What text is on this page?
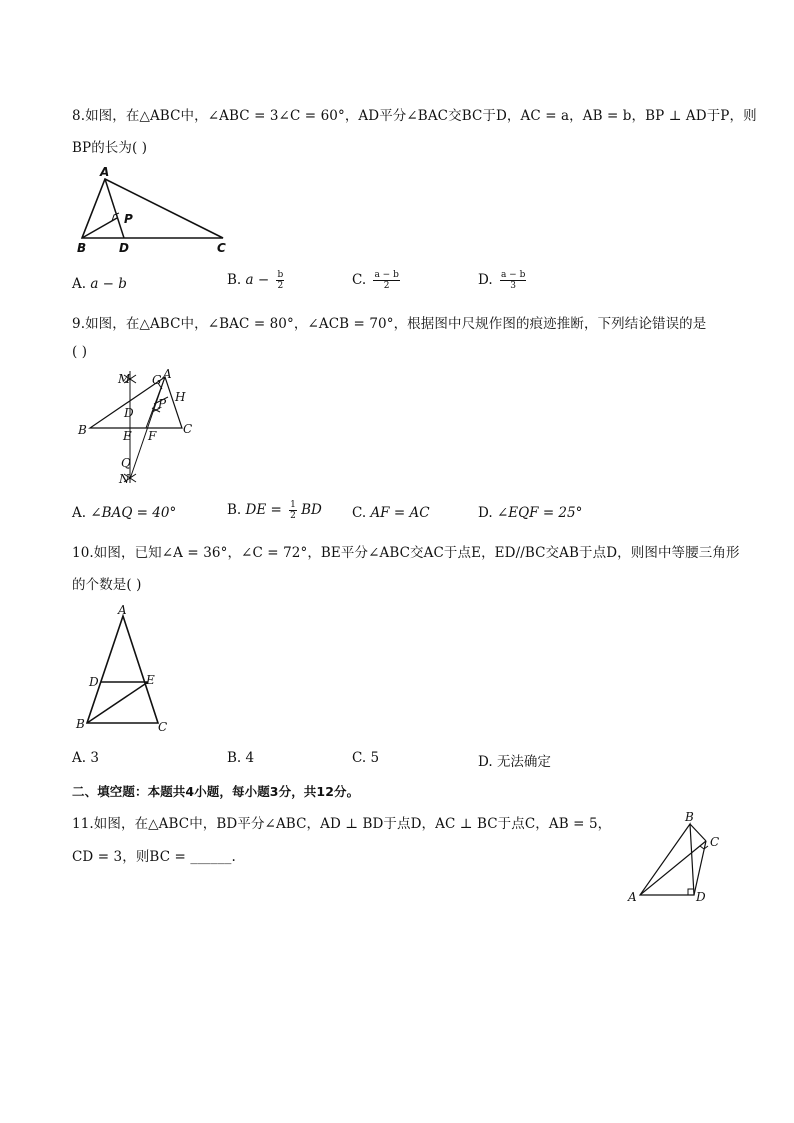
8.如图，在△ABC中，∠ABC = 3∠C = 60°，AD平分∠BAC交BC于D，AC = a，AB = b，BP ⊥ AD于P，则
BP的长为( )
A
P
B	D	C
A. a − b	B. $a - \frac{b}{2}$	C. $\frac{a - b}{2}$	D. $\frac{a - b}{3}$
9.如图，在△ABC中，∠BAC = 80°，∠ACB = 70°，根据图中尺规作图的痕迹推断，下列结论错误的是
( )
M G A
H
D
P
B	E F C
Q
N
A. ∠BAQ = 40°	B. DE = $\frac{1}{2}$ BD C. AF = AC	D. ∠EQF = 25°
10.如图，已知∠A = 36°，∠C = 72°，BE平分∠ABC交AC于点E，ED//BC交AB于点D，则图中等腰三角形
的个数是( )
A
D	E
B	C
A. 3	B. 4	C. 5	D. 无法确定
二、填空题：本题共4小题，每小题3分，共12分。
11.如图，在△ABC中，BD平分∠ABC，AD ⊥ BD于点D，AC ⊥ BC于点C，AB = 5，
CD = 3，则BC = ______.
B
C
A	D
